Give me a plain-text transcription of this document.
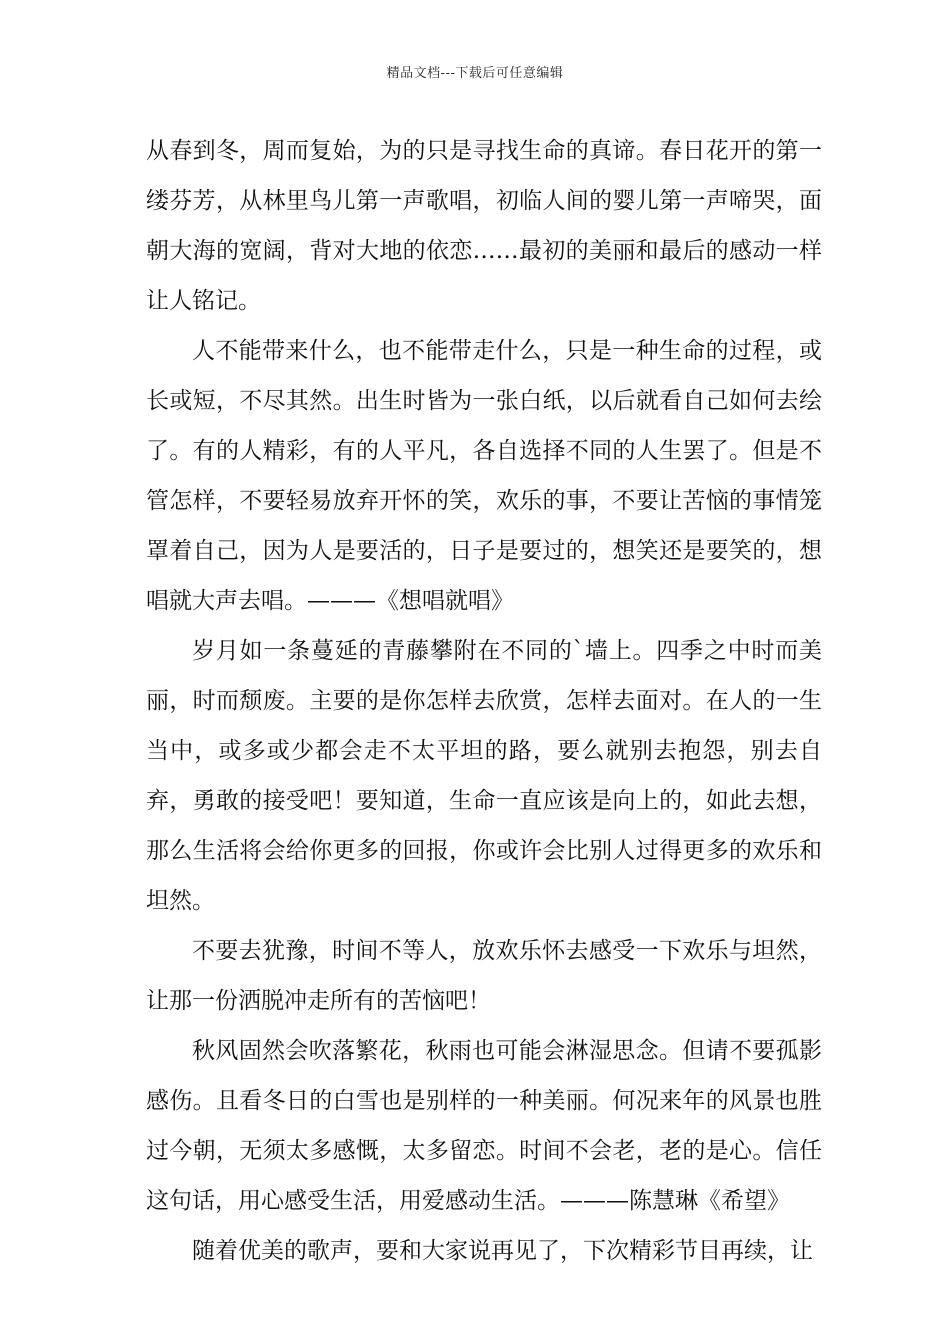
精品文档---下载后可任意编辑

从春到冬，周而复始，为的只是寻找生命的真谛。春日花开的第一缕芬芳，从林里鸟儿第一声歌唱，初临人间的婴儿第一声啼哭，面朝大海的宽阔，背对大地的依恋……最初的美丽和最后的感动一样让人铭记。

人不能带来什么，也不能带走什么，只是一种生命的过程，或长或短，不尽其然。出生时皆为一张白纸，以后就看自己如何去绘了。有的人精彩，有的人平凡，各自选择不同的人生罢了。但是不管怎样，不要轻易放弃开怀的笑，欢乐的事，不要让苦恼的事情笼罩着自己，因为人是要活的，日子是要过的，想笑还是要笑的，想唱就大声去唱。———《想唱就唱》

岁月如一条蔓延的青藤攀附在不同的`墙上。四季之中时而美丽，时而颓废。主要的是你怎样去欣赏，怎样去面对。在人的一生当中，或多或少都会走不太平坦的路，要么就别去抱怨，别去自弃，勇敢的接受吧！要知道，生命一直应该是向上的，如此去想，那么生活将会给你更多的回报，你或许会比别人过得更多的欢乐和坦然。

不要去犹豫，时间不等人，放欢乐怀去感受一下欢乐与坦然，让那一份洒脱冲走所有的苦恼吧！

秋风固然会吹落繁花，秋雨也可能会淋湿思念。但请不要孤影感伤。且看冬日的白雪也是别样的一种美丽。何况来年的风景也胜过今朝，无须太多感慨，太多留恋。时间不会老，老的是心。信任这句话，用心感受生活，用爱感动生活。———陈慧琳《希望》

随着优美的歌声，要和大家说再见了，下次精彩节目再续，让
